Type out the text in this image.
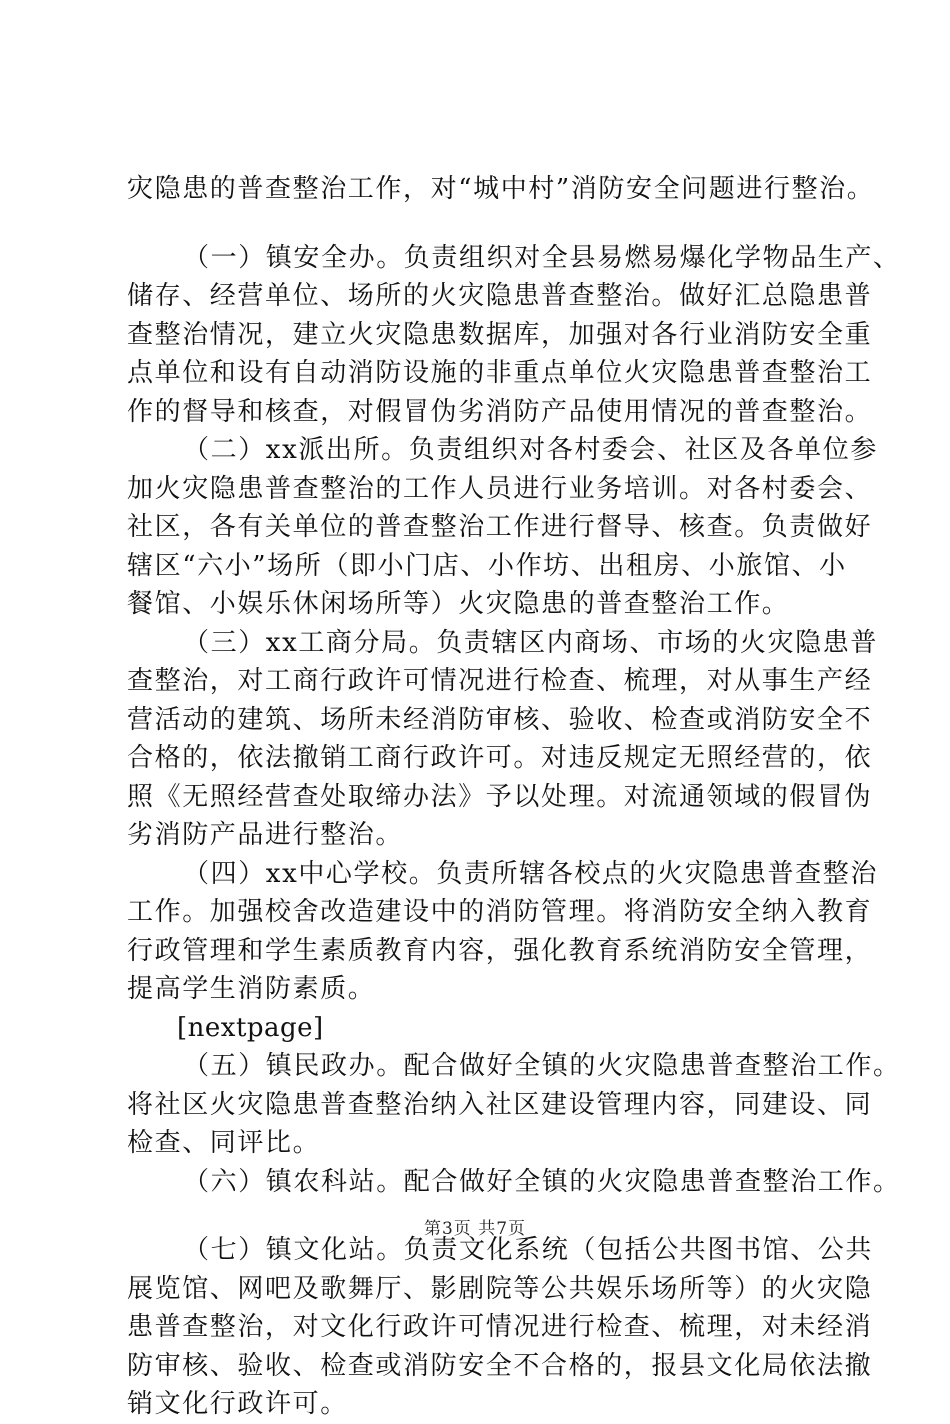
灾隐患的普查整治工作，对“城中村”消防安全问题进行整治。
（一）镇安全办。负责组织对全县易燃易爆化学物品生产、
储存、经营单位、场所的火灾隐患普查整治。做好汇总隐患普
查整治情况，建立火灾隐患数据库，加强对各行业消防安全重
点单位和设有自动消防设施的非重点单位火灾隐患普查整治工
作的督导和核查，对假冒伪劣消防产品使用情况的普查整治。
（二）xx派出所。负责组织对各村委会、社区及各单位参
加火灾隐患普查整治的工作人员进行业务培训。对各村委会、
社区，各有关单位的普查整治工作进行督导、核查。负责做好
辖区“六小”场所（即小门店、小作坊、出租房、小旅馆、小
餐馆、小娱乐休闲场所等）火灾隐患的普查整治工作。
（三）xx工商分局。负责辖区内商场、市场的火灾隐患普
查整治，对工商行政许可情况进行检查、梳理，对从事生产经
营活动的建筑、场所未经消防审核、验收、检查或消防安全不
合格的，依法撤销工商行政许可。对违反规定无照经营的，依
照《无照经营查处取缔办法》予以处理。对流通领域的假冒伪
劣消防产品进行整治。
（四）xx中心学校。负责所辖各校点的火灾隐患普查整治
工作。加强校舍改造建设中的消防管理。将消防安全纳入教育
行政管理和学生素质教育内容，强化教育系统消防安全管理，
提高学生消防素质。
[nextpage]
（五）镇民政办。配合做好全镇的火灾隐患普查整治工作。
将社区火灾隐患普查整治纳入社区建设管理内容，同建设、同
检查、同评比。
（六）镇农科站。配合做好全镇的火灾隐患普查整治工作。
（七）镇文化站。负责文化系统（包括公共图书馆、公共
展览馆、网吧及歌舞厅、影剧院等公共娱乐场所等）的火灾隐
患普查整治，对文化行政许可情况进行检查、梳理，对未经消
防审核、验收、检查或消防安全不合格的，报县文化局依法撤
销文化行政许可。
第3页 共7页
